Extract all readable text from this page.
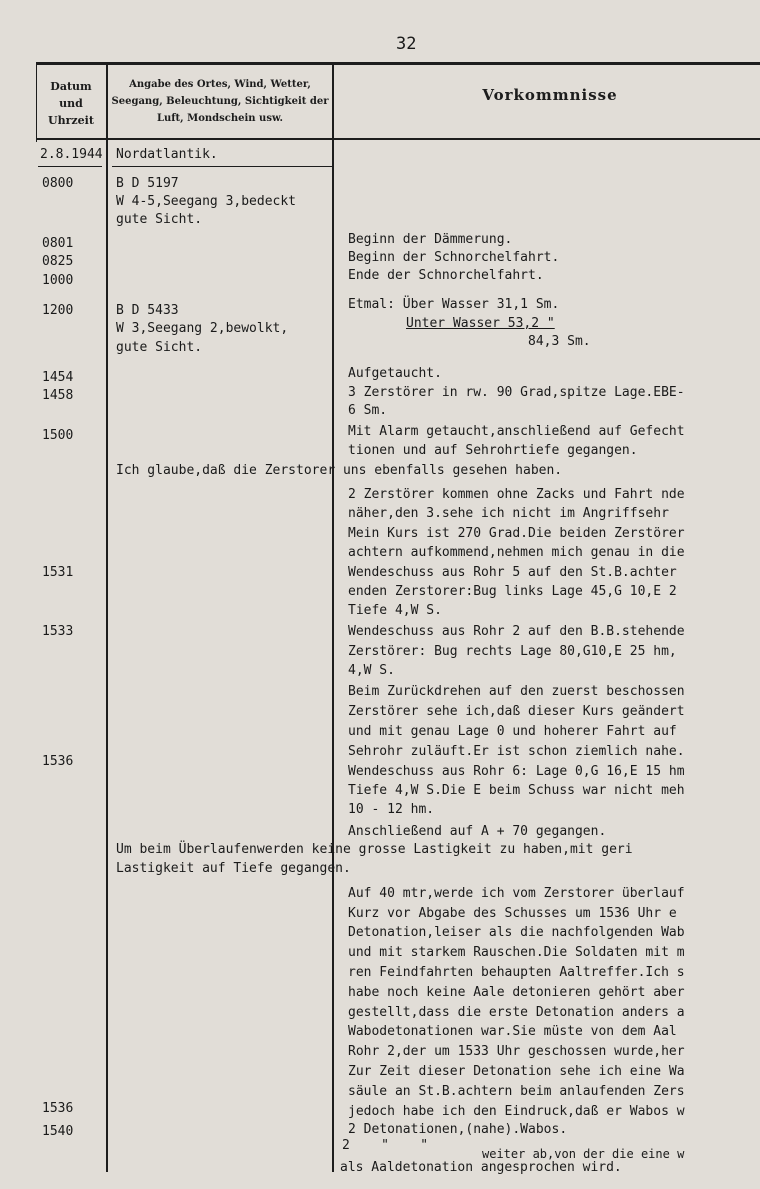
32
Datum und Uhrzeit
Angabe des Ortes, Wind, Wetter, Seegang, Beleuchtung, Sichtigkeit der Luft, Mondschein usw.
Vorkommnisse
2.8.1944
0800
0801
0825
1000
1200
1454
1458
1500
1531
1533
1536
1536
1540
Nordatlantik.
B D 5197
W 4-5,Seegang 3,bedeckt
gute Sicht.
B D 5433
W 3,Seegang 2,bewolkt,
gute Sicht.
Beginn der Dämmerung.
Beginn der Schnorchelfahrt.
Ende der Schnorchelfahrt.
Etmal: Über Wasser 31,1 Sm.
Unter Wasser 53,2 "
84,3 Sm.
Aufgetaucht.
3 Zerstörer in rw. 90 Grad,spitze Lage.EBE-
6 Sm.
Mit Alarm getaucht,anschließend auf Gefecht
tionen und auf Sehrohrtiefe gegangen.
Ich glaube,daß die Zerstorer uns ebenfalls gesehen haben.
2 Zerstörer kommen ohne Zacks und Fahrt nde
näher,den 3.sehe ich nicht im Angriffsehr
Mein Kurs ist 270 Grad.Die beiden Zerstörer
achtern aufkommend,nehmen mich genau in die
Wendeschuss aus Rohr 5 auf den St.B.achter
enden Zerstorer:Bug links Lage 45,G 10,E 2
Tiefe 4,W S.
Wendeschuss aus Rohr 2 auf den B.B.stehende
Zerstörer: Bug rechts Lage 80,G10,E 25 hm,
4,W S.
Beim Zurückdrehen auf den zuerst beschossen
Zerstörer sehe ich,daß dieser Kurs geändert
und mit genau Lage 0 und hoherer Fahrt auf
Sehrohr zuläuft.Er ist schon ziemlich nahe.
Wendeschuss aus Rohr 6: Lage 0,G 16,E 15 hm
Tiefe 4,W S.Die E beim Schuss war nicht meh
10 - 12 hm.
Anschließend auf A + 70 gegangen.
Um beim Überlaufenwerden keine grosse Lastigkeit zu haben,mit geri
Lastigkeit auf Tiefe gegangen.
Auf 40 mtr,werde ich vom Zerstorer überlauf
Kurz vor Abgabe des Schusses um 1536 Uhr e
Detonation,leiser als die nachfolgenden Wab
und mit starkem Rauschen.Die Soldaten mit m
ren Feindfahrten behaupten Aaltreffer.Ich s
habe noch keine Aale detonieren gehört aber
gestellt,dass die erste Detonation anders a
Wabodetonationen war.Sie müste von dem Aal
Rohr 2,der um 1533 Uhr geschossen wurde,her
Zur Zeit dieser Detonation sehe ich eine Wa
säule an St.B.achtern beim anlaufenden Zers
jedoch habe ich den Eindruck,daß er Wabos w
2 Detonationen,(nahe).Wabos.
2    "    "
weiter ab,von der die eine w
als Aaldetonation angesprochen wird.
